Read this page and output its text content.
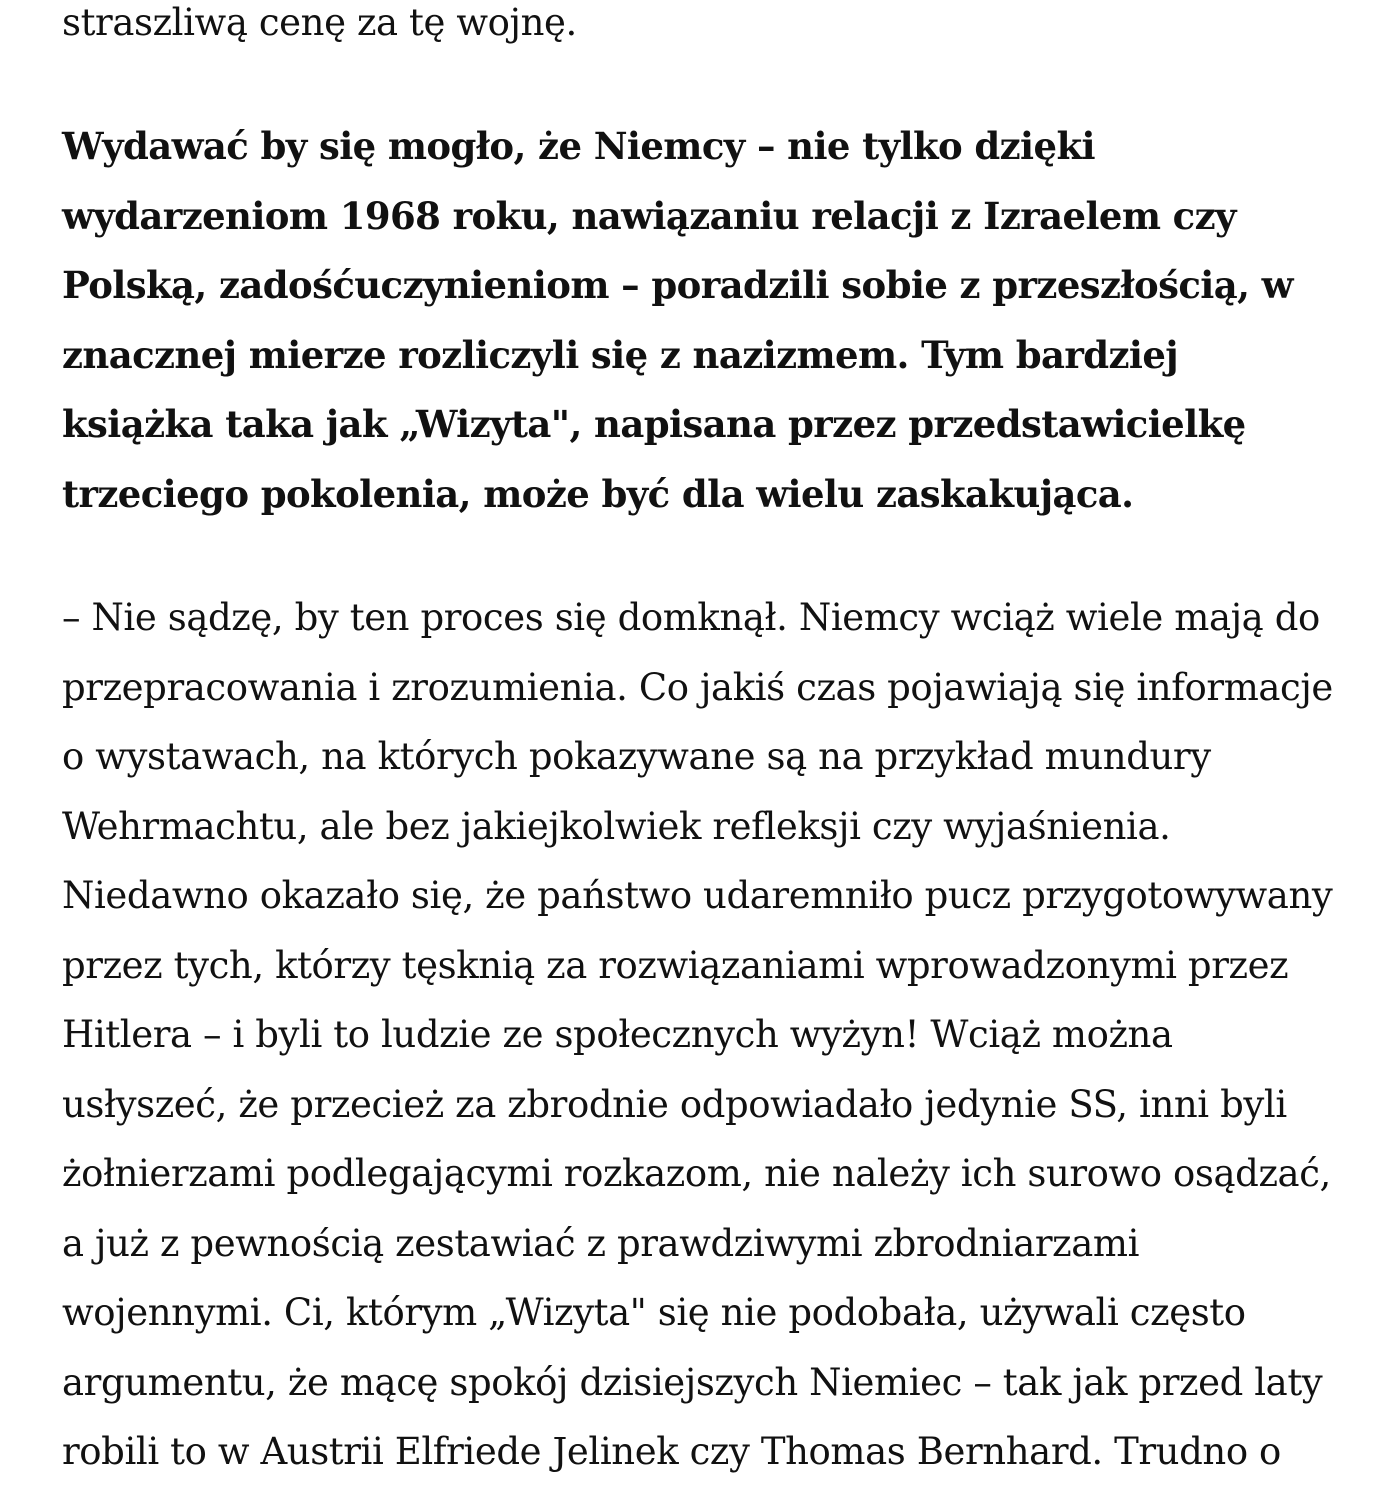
straszliwą cenę za tę wojnę.

Wydawać by się mogło, że Niemcy – nie tylko dzięki
wydarzeniom 1968 roku, nawiązaniu relacji z Izraelem czy
Polską, zadośćuczynieniom – poradzili sobie z przeszłością, w
znacznej mierze rozliczyli się z nazizmem. Tym bardziej
książka taka jak „Wizyta", napisana przez przedstawicielkę
trzeciego pokolenia, może być dla wielu zaskakująca.

– Nie sądzę, by ten proces się domknął. Niemcy wciąż wiele mają do
przepracowania i zrozumienia. Co jakiś czas pojawiają się informacje
o wystawach, na których pokazywane są na przykład mundury
Wehrmachtu, ale bez jakiejkolwiek refleksji czy wyjaśnienia.
Niedawno okazało się, że państwo udaremniło pucz przygotowywany
przez tych, którzy tęsknią za rozwiązaniami wprowadzonymi przez
Hitlera – i byli to ludzie ze społecznych wyżyn! Wciąż można
usłyszeć, że przecież za zbrodnie odpowiadało jedynie SS, inni byli
żołnierzami podlegającymi rozkazom, nie należy ich surowo osądzać,
a już z pewnością zestawiać z prawdziwymi zbrodniarzami
wojennymi. Ci, którym „Wizyta" się nie podobała, używali często
argumentu, że mącę spokój dzisiejszych Niemiec – tak jak przed laty
robili to w Austrii Elfriede Jelinek czy Thomas Bernhard. Trudno o
